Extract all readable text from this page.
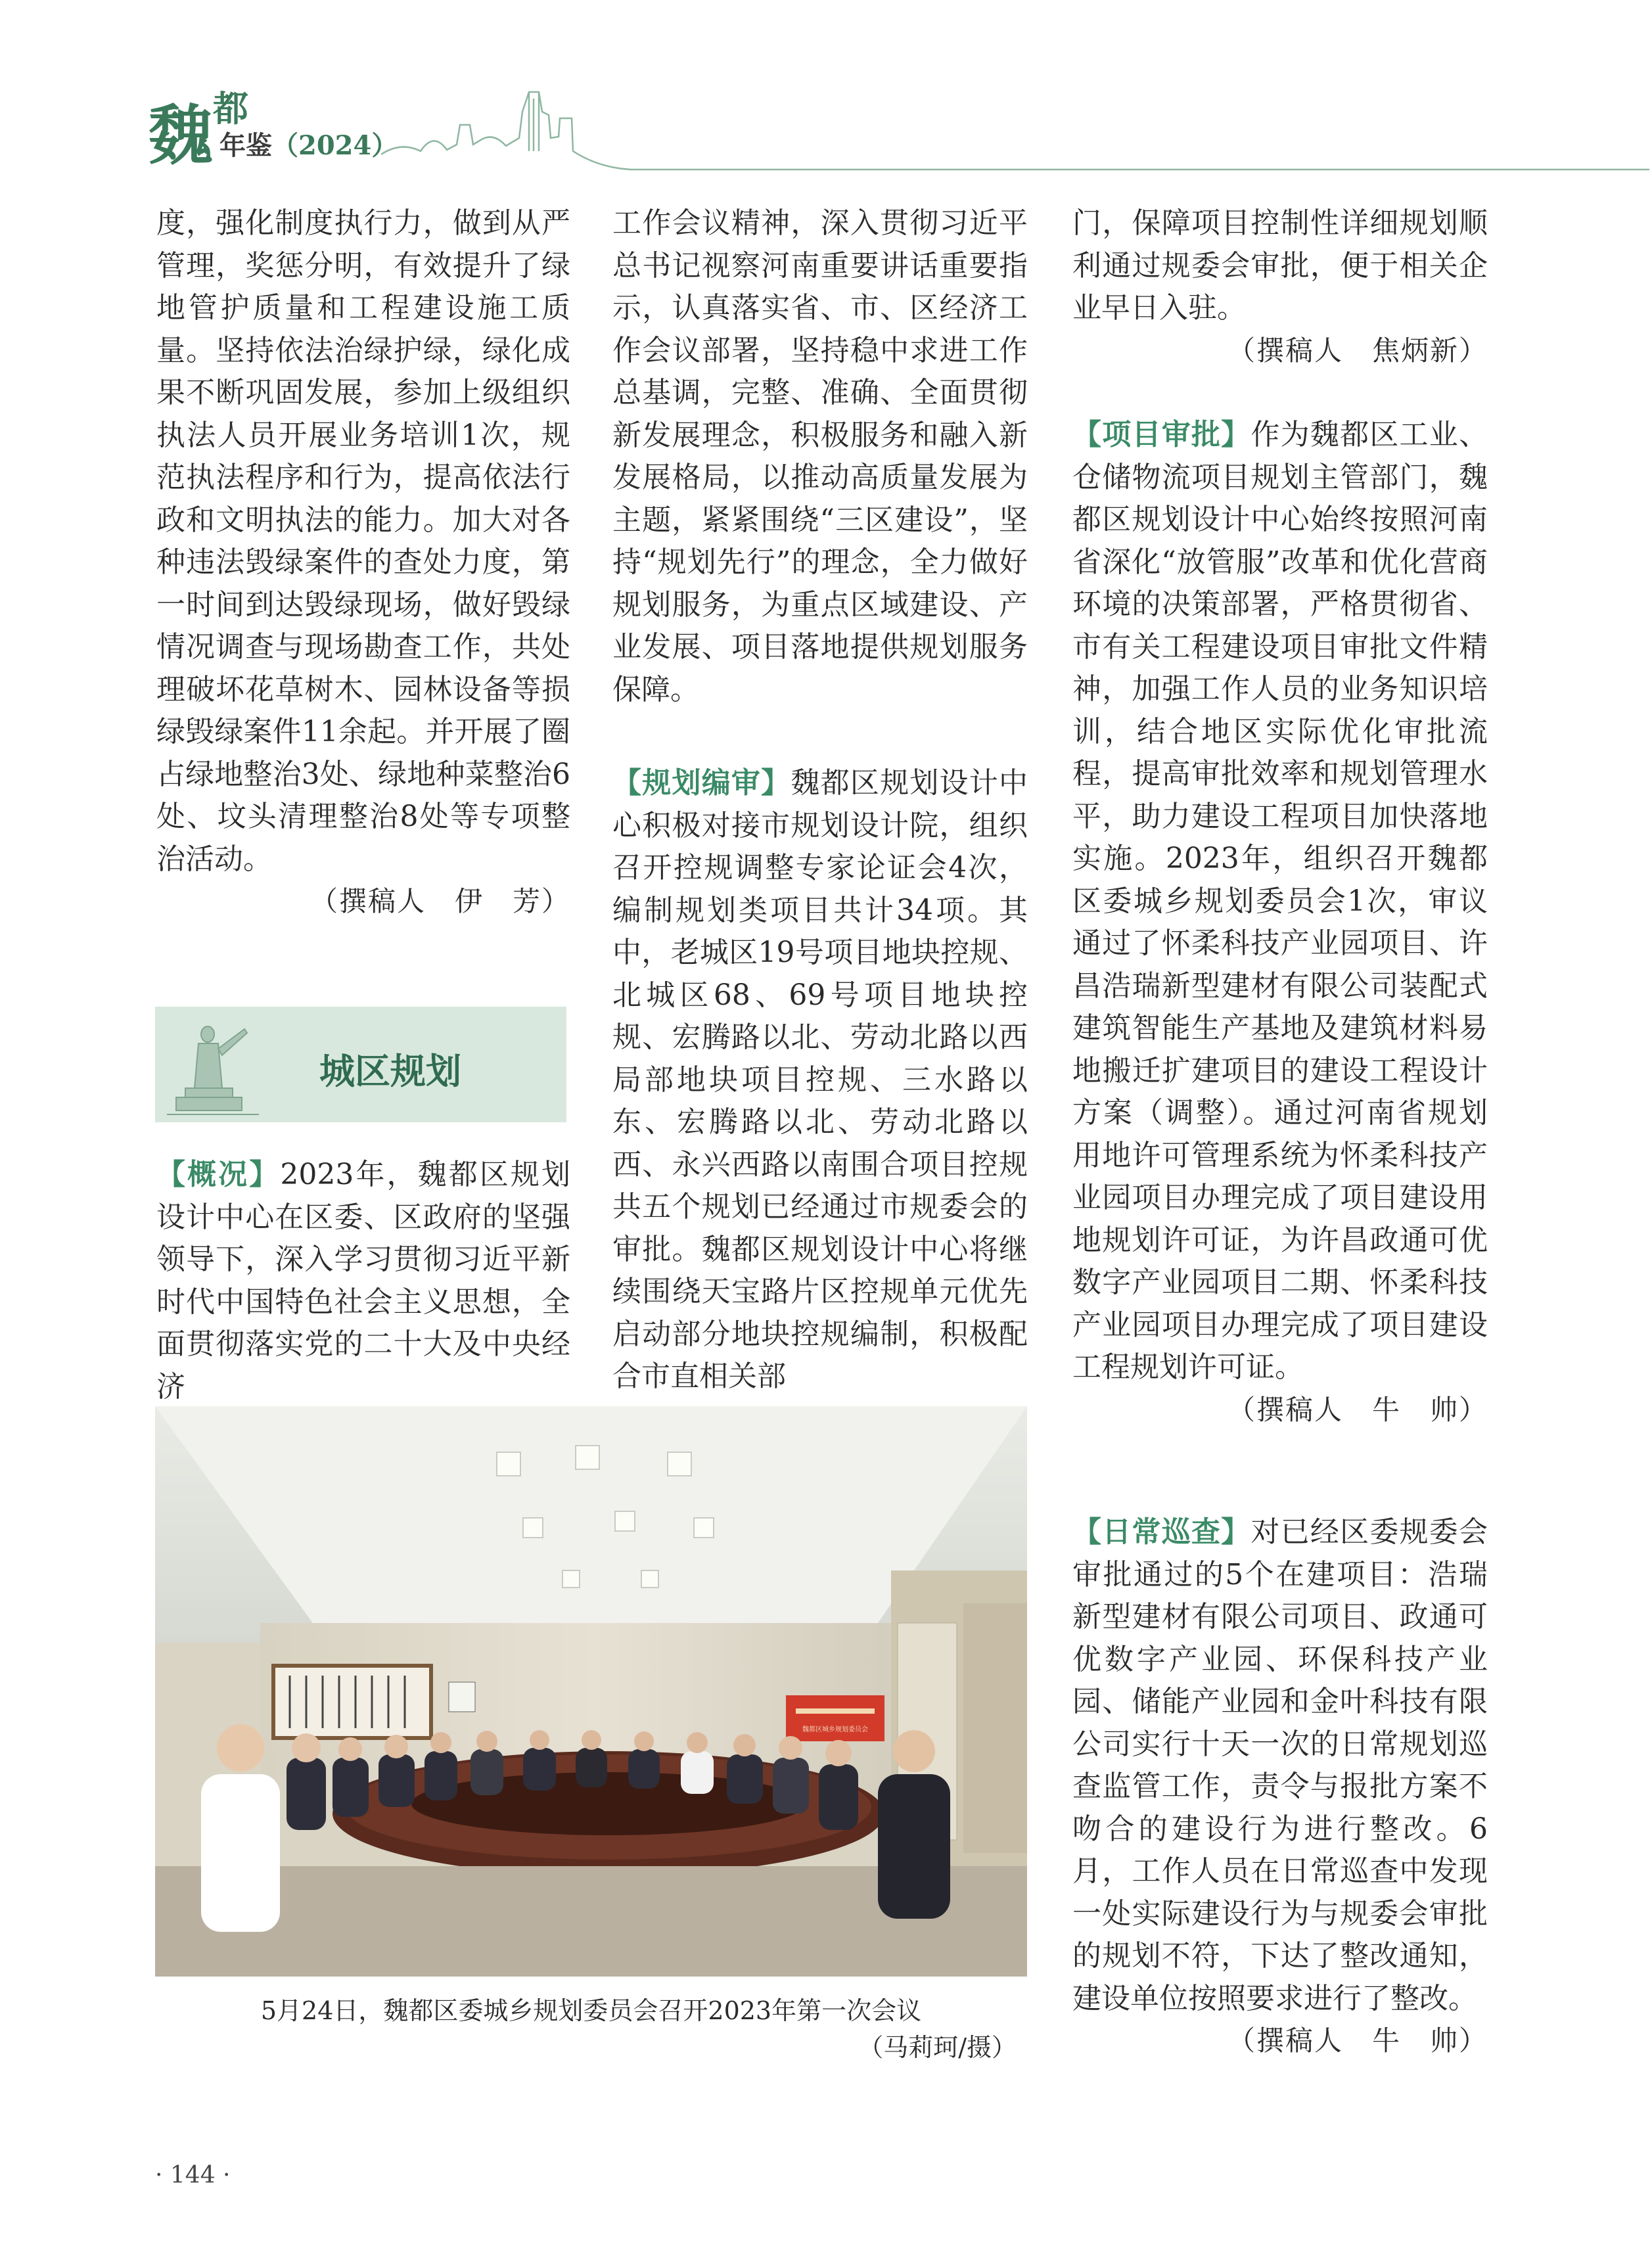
魏 都
年鉴（2024）

度，强化制度执行力，做到从严管理，奖惩分明，有效提升了绿地管护质量和工程建设施工质量。坚持依法治绿护绿，绿化成果不断巩固发展，参加上级组织执法人员开展业务培训1次，规范执法程序和行为，提高依法行政和文明执法的能力。加大对各种违法毁绿案件的查处力度，第一时间到达毁绿现场，做好毁绿情况调查与现场勘查工作，共处理破坏花草树木、园林设备等损绿毁绿案件11余起。并开展了圈占绿地整治3处、绿地种菜整治6处、坟头清理整治8处等专项整治活动。

（撰稿人　伊　芳）

城区规划

【概况】2023年，魏都区规划设计中心在区委、区政府的坚强领导下，深入学习贯彻习近平新时代中国特色社会主义思想，全面贯彻落实党的二十大及中央经济

工作会议精神，深入贯彻习近平总书记视察河南重要讲话重要指示，认真落实省、市、区经济工作会议部署，坚持稳中求进工作总基调，完整、准确、全面贯彻新发展理念，积极服务和融入新发展格局，以推动高质量发展为主题，紧紧围绕“三区建设”，坚持“规划先行”的理念，全力做好规划服务，为重点区域建设、产业发展、项目落地提供规划服务保障。

【规划编审】魏都区规划设计中心积极对接市规划设计院，组织召开控规调整专家论证会4次，编制规划类项目共计34项。其中，老城区19号项目地块控规、北城区68、69号项目地块控规、宏腾路以北、劳动北路以西局部地块项目控规、三水路以东、宏腾路以北、劳动北路以西、永兴西路以南围合项目控规共五个规划已经通过市规委会的审批。魏都区规划设计中心将继续围绕天宝路片区控规单元优先启动部分地块控规编制，积极配合市直相关部

门，保障项目控制性详细规划顺利通过规委会审批，便于相关企业早日入驻。

（撰稿人　焦炳新）

【项目审批】作为魏都区工业、仓储物流项目规划主管部门，魏都区规划设计中心始终按照河南省深化“放管服”改革和优化营商环境的决策部署，严格贯彻省、市有关工程建设项目审批文件精神，加强工作人员的业务知识培训，结合地区实际优化审批流程，提高审批效率和规划管理水平，助力建设工程项目加快落地实施。2023年，组织召开魏都区委城乡规划委员会1次，审议通过了怀柔科技产业园项目、许昌浩瑞新型建材有限公司装配式建筑智能生产基地及建筑材料易地搬迁扩建项目的建设工程设计方案（调整）。通过河南省规划用地许可管理系统为怀柔科技产业园项目办理完成了项目建设用地规划许可证，为许昌政通可优数字产业园项目二期、怀柔科技产业园项目办理完成了项目建设工程规划许可证。

（撰稿人　牛　帅）

【日常巡查】对已经区委规委会审批通过的5个在建项目：浩瑞新型建材有限公司项目、政通可优数字产业园、环保科技产业园、储能产业园和金叶科技有限公司实行十天一次的日常规划巡查监管工作，责令与报批方案不吻合的建设行为进行整改。6月，工作人员在日常巡查中发现一处实际建设行为与规委会审批的规划不符，下达了整改通知，建设单位按照要求进行了整改。

（撰稿人　牛　帅）

魏都区城乡规划委员会

5月24日，魏都区委城乡规划委员会召开2023年第一次会议

（马莉珂/摄）

· 144 ·
